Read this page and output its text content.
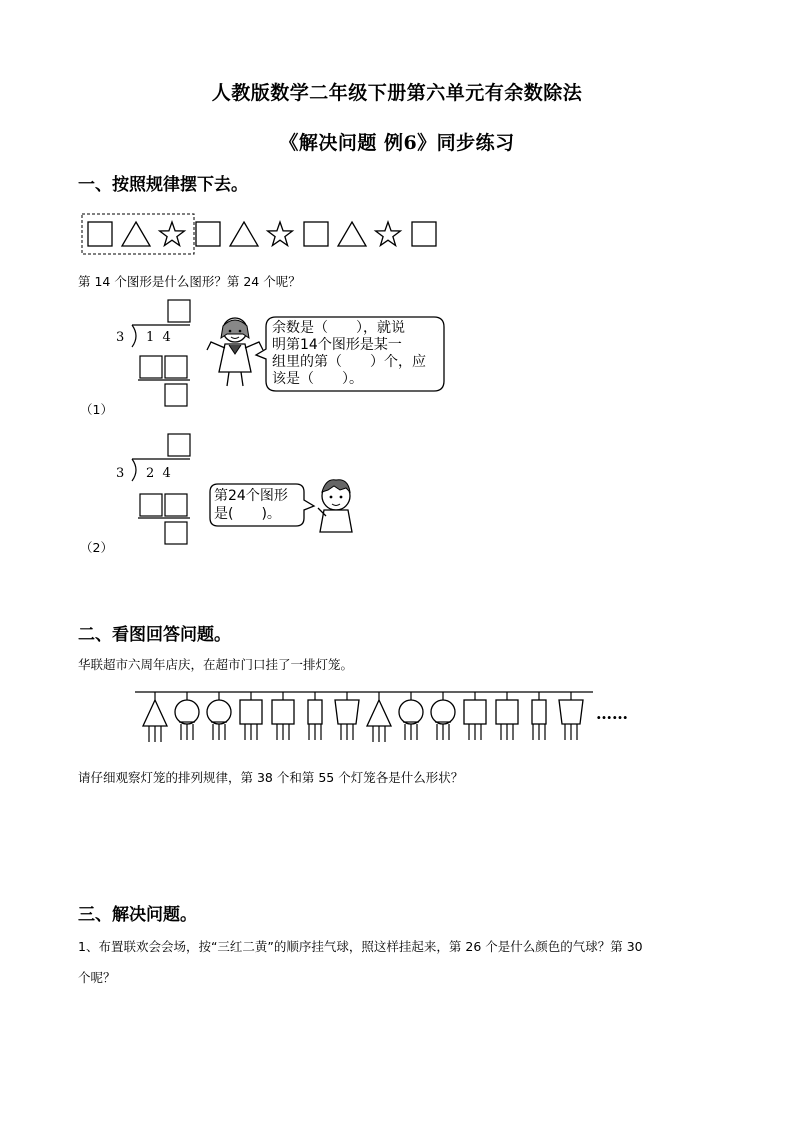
人教版数学二年级下册第六单元有余数除法
《解决问题 例6》同步练习
一、按照规律摆下去。
第 14 个图形是什么图形？第 24 个呢？
3 1  4
（1）
余数是（　　），就说
明第14个图形是某一
组里的第（　　）个，应
该是（　　）。
3 2  4
（2）
第24个图形
是(　　)。
二、看图回答问题。
华联超市六周年店庆，在超市门口挂了一排灯笼。
……
请仔细观察灯笼的排列规律，第 38 个和第 55 个灯笼各是什么形状？
三、解决问题。
1、布置联欢会会场，按“三红二黄”的顺序挂气球，照这样挂起来，第 26 个是什么颜色的气球？第 30
个呢？
